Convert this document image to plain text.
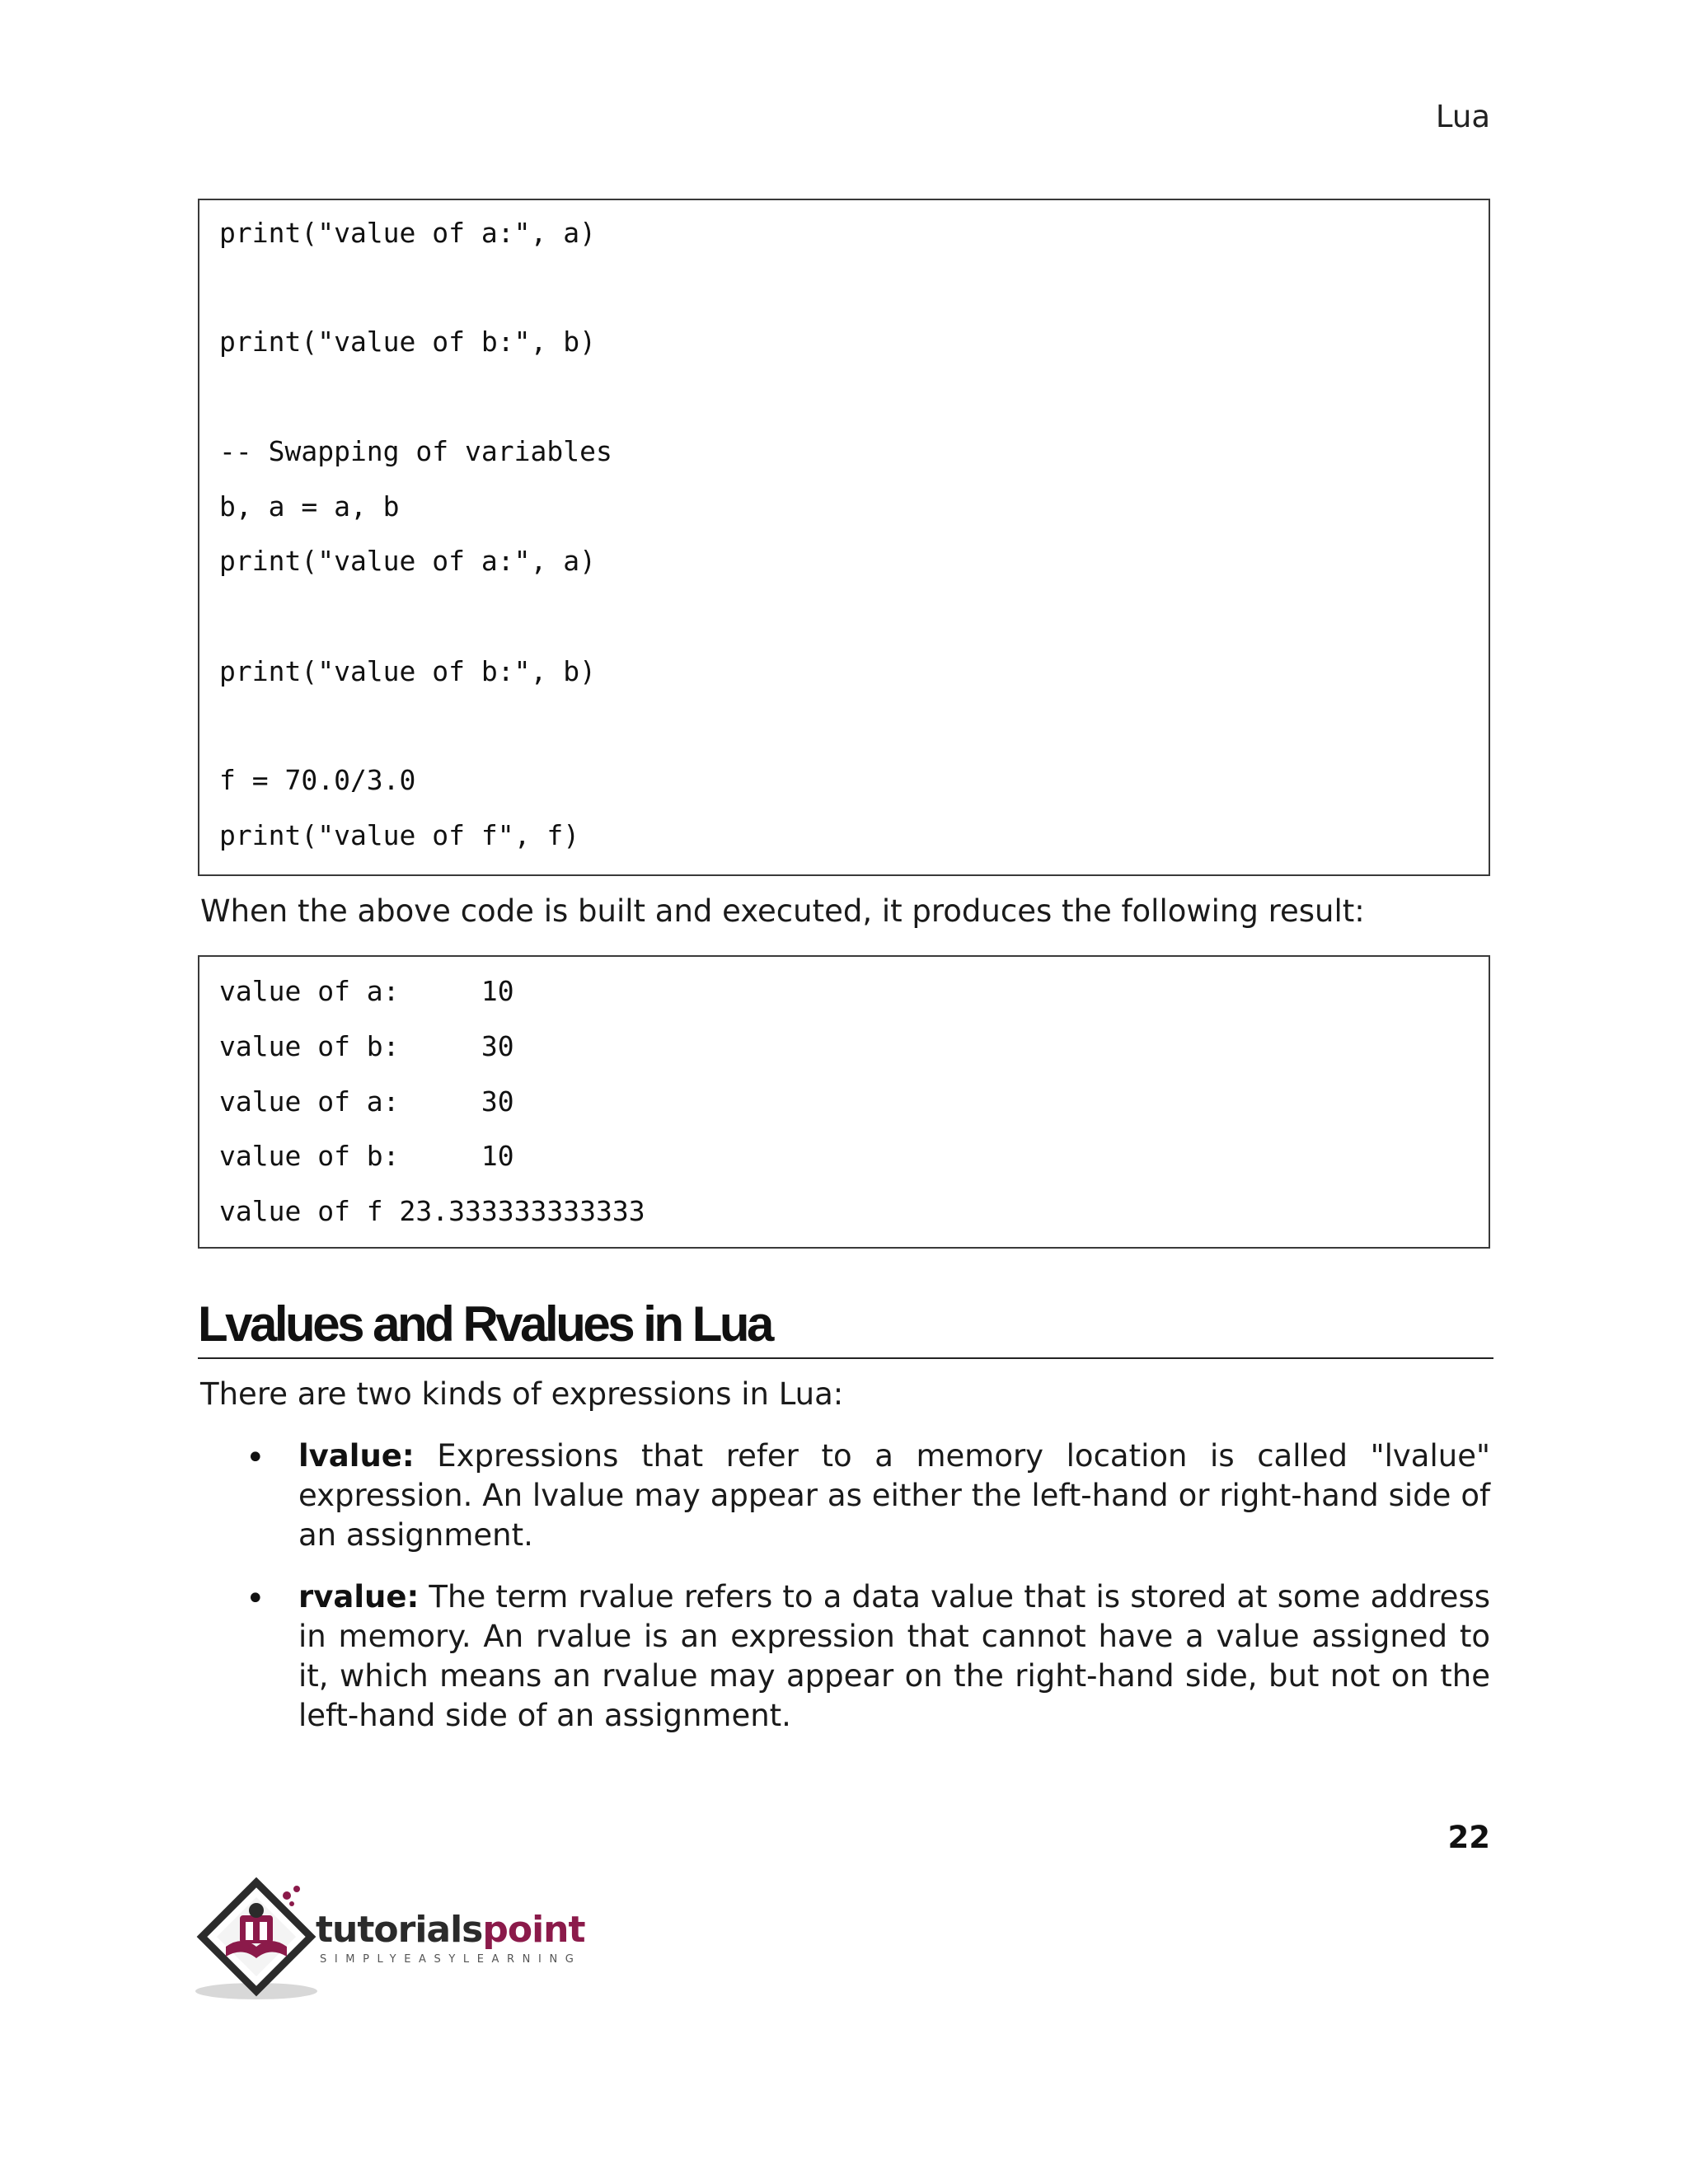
Lua

print("value of a:", a)

print("value of b:", b)

-- Swapping of variables

b, a = a, b

print("value of a:", a)

print("value of b:", b)

f = 70.0/3.0

print("value of f", f)

When the above code is built and executed, it produces the following result:

value of a:     10

value of b:     30

value of a:     30

value of b:     10

value of f 23.333333333333

Lvalues and Rvalues in Lua
There are two kinds of expressions in Lua:
• lvalue: Expressions that refer to a memory location is called "lvalue" expression. An lvalue may appear as either the left-hand or right-hand side of an assignment.
• rvalue: The term rvalue refers to a data value that is stored at some address in memory. An rvalue is an expression that cannot have a value assigned to it, which means an rvalue may appear on the right-hand side, but not on the left-hand side of an assignment.
22
tutorialspoint
SIMPLYEASYLEARNING
